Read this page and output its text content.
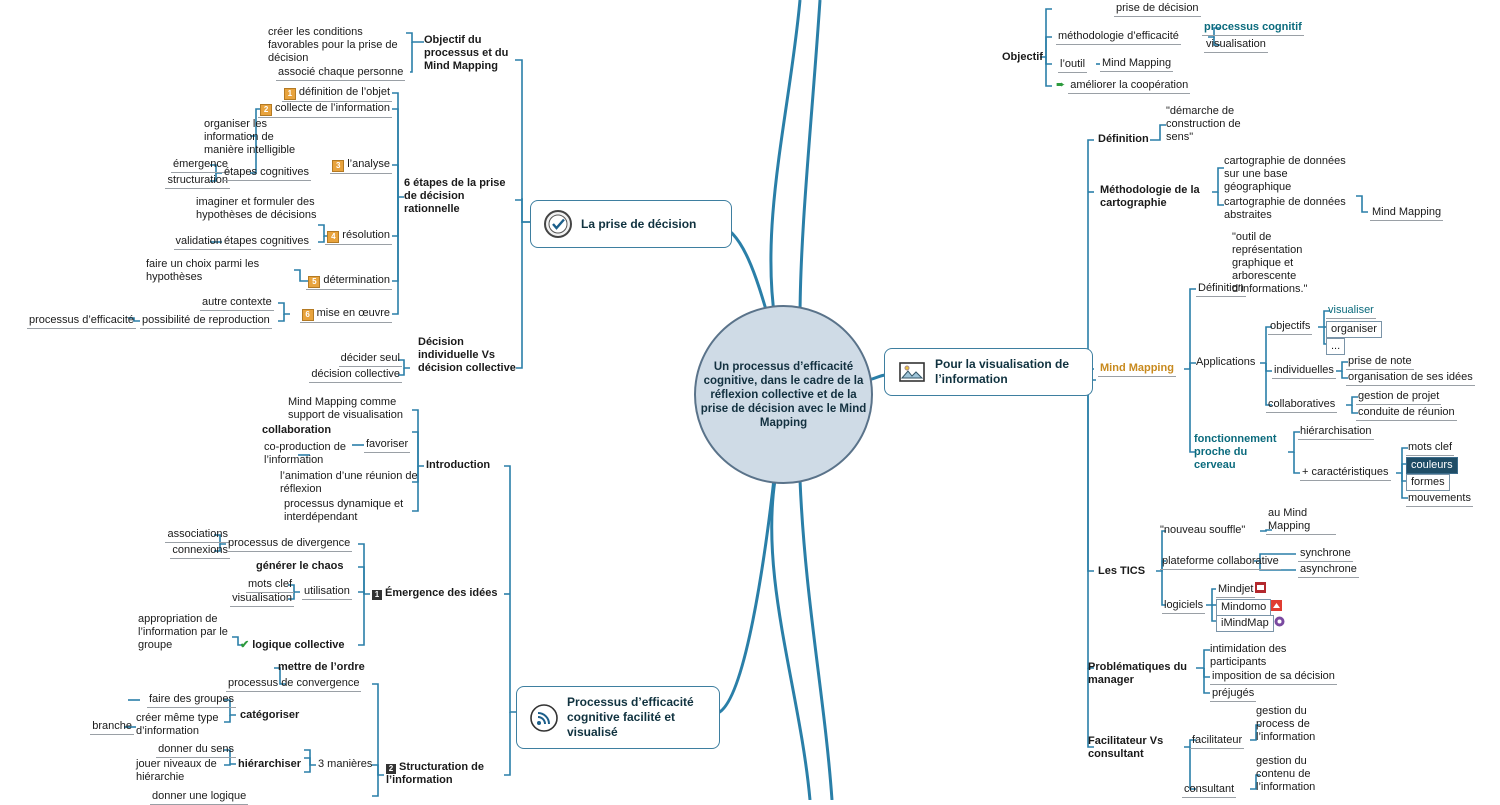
Un processus d’efficacité cognitive, dans le cadre de la réflexion collective et de la prise de décision avec le Mind Mapping
La prise de décision
Pour la visualisation de l’information
Processus d’efficacité cognitive facilité et visualisé
Objectif du processus et du Mind Mapping
créer les conditions favorables pour la prise de décision
associé chaque personne
6 étapes de la prise de décision rationnelle
1 définition de l’objet
2 collecte de l’information
organiser les information de manière intelligible
émergence
structuration
étapes cognitives
3 l’analyse
4 résolution
imaginer et formuler des hypothèses de décisions
validation étapes cognitives
5 détermination
faire un choix parmi les hypothèses
6 mise en œuvre
autre contexte
possibilité de reproduction
processus d’efficacité
Décision individuelle Vs décision collective
décider seul
décision collective
Introduction
Mind Mapping comme support de visualisation
collaboration
co-production de l’information
favoriser
l’animation d’une réunion de réflexion
processus dynamique et interdépendant
1 Émergence des idées
associations
connexions
processus de divergence
générer le chaos
mots clef
visualisation
utilisation
appropriation de l’information par le groupe	✔ logique collective
2 Structuration de l’information
mettre de l’ordre
processus de convergence
faire des groupes
créer même type d’information
branche
catégoriser
donner du sens
jouer niveaux de hiérarchie
hiérarchiser 3 manières
donner une logique
prise de décision
Objectif
méthodologie d’efficacité
processus cognitif
visualisation
l’outil Mind Mapping
➨ améliorer la coopération
Définition
"démarche de construction de sens"
Méthodologie de la cartographie
cartographie de données sur une base géographique
cartographie de données abstraites	Mind Mapping
Mind Mapping
Définition
"outil de représentation graphique et arborescente d’informations."
Applications
objectifs
visualiser
organiser
...
individuelles
prise de note
organisation de ses idées
collaboratives
gestion de projet
conduite de réunion
fonctionnement proche du cerveau
hiérarchisation
+ caractéristiques
mots clef
couleurs
formes
mouvements
Les TICS
"nouveau souffle"
au Mind Mapping
plateforme collaborative
synchrone
asynchrone
logiciels
Mindjet
Mindomo
iMindMap
Problématiques du manager
intimidation des participants
imposition de sa décision
préjugés
Facilitateur Vs consultant
facilitateur
gestion du process de l’information
consultant
gestion du contenu de l’information
